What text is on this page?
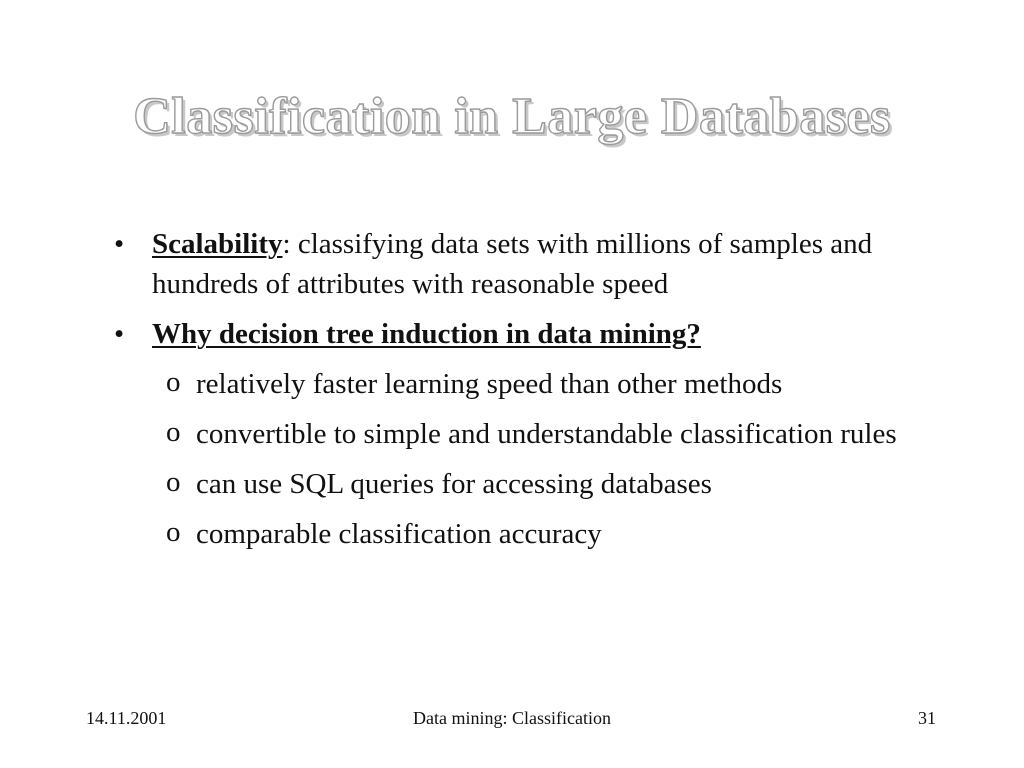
Classification in Large Databases
• Scalability: classifying data sets with millions of samples and hundreds of attributes with reasonable speed
• Why decision tree induction in data mining?
o relatively faster learning speed than other methods
o convertible to simple and understandable classification rules
o can use SQL queries for accessing databases
o comparable classification accuracy
14.11.2001	Data mining: Classification	31
